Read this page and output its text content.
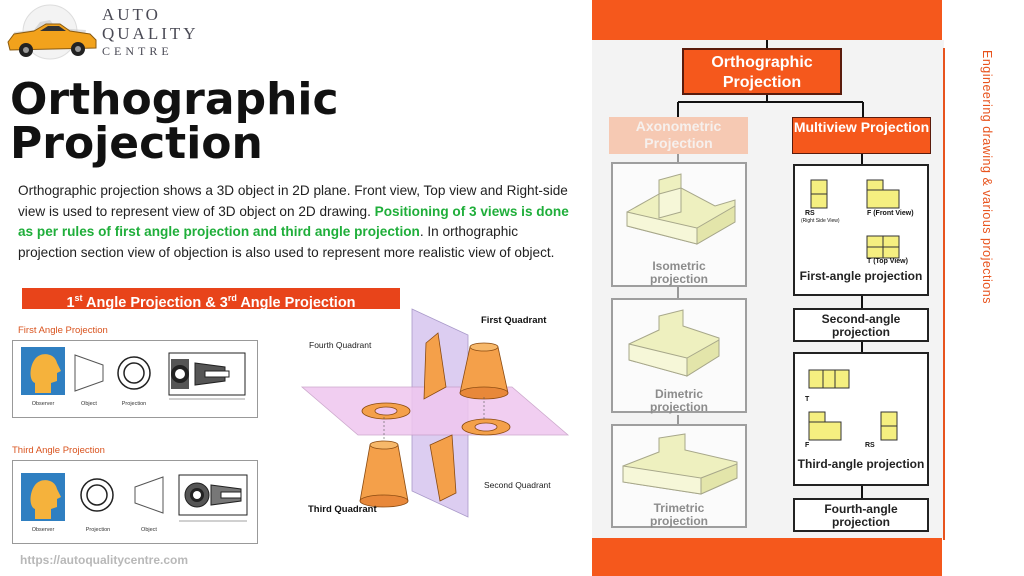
AUTO
QUALITY
CENTRE
Orthographic
Projection
Orthographic projection shows a 3D object in 2D plane. Front view, Top view and Right-side view is used to represent view of 3D object on 2D drawing. Positioning of 3 views is done as per rules of first angle projection and third angle projection. In orthographic projection section view of objection is also used to represent more realistic view of object.
1st Angle Projection & 3rd Angle Projection
First Angle Projection
Observer	Object	Projection
Third Angle Projection
Observer	Projection	Object
First Quadrant
Fourth Quadrant
Second Quadrant
Third Quadrant
https://autoqualitycentre.com
Engineering drawing & various projections
Orthographic Projection
Axonometric Projection
Multiview Projection
Isometric
projection
Dimetric
projection
Trimetric
projection
RS
(Right Side View)
F (Front View)
T (Top View)
First-angle projection
Second-angle projection
T
F	RS
Third-angle projection
Fourth-angle projection
